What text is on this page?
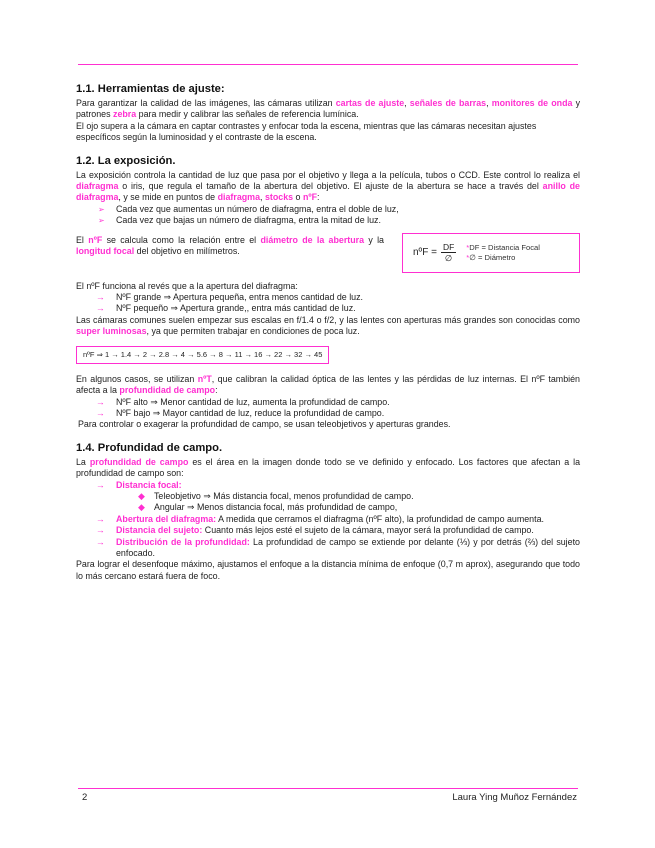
1.1. Herramientas de ajuste:

Para garantizar la calidad de las imágenes, las cámaras utilizan cartas de ajuste, señales de barras, monitores de onda y patrones zebra para medir y calibrar las señales de referencia lumínica.

El ojo supera a la cámara en captar contrastes y enfocar toda la escena, mientras que las cámaras necesitan ajustes específicos según la luminosidad y el contraste de la escena.

1.2. La exposición.

La exposición controla la cantidad de luz que pasa por el objetivo y llega a la película, tubos o CCD. Este control lo realiza el diafragma o iris, que regula el tamaño de la abertura del objetivo. El ajuste de la abertura se hace a través del anillo de diafragma, y se mide en puntos de diafragma, stocks o nºF:

➢ Cada vez que aumentas un número de diafragma, entra el doble de luz,
➢ Cada vez que bajas un número de diafragma, entra la mitad de luz.

El nºF se calcula como la relación entre el diámetro de la abertura y la longitud focal del objetivo en milímetros.	nºF = $\frac{DF}{\emptyset} *DF$ = Distancia Focal
*∅ = Diámetro

El nºF funciona al revés que a la apertura del diafragma:

→ NºF grande ⇒ Apertura pequeña, entra menos cantidad de luz.
→ NºF pequeño ⇒ Apertura grande,, entra más cantidad de luz.

Las cámaras comunes suelen empezar sus escalas en f/1.4 o f/2, y las lentes con aperturas más grandes son conocidas como super luminosas, ya que permiten trabajar en condiciones de poca luz.

nºF ⇒ 1 → 1.4 → 2 → 2.8 → 4 → 5.6 → 8 → 11 → 16 → 22 → 32 → 45

En algunos casos, se utilizan nºT, que calibran la calidad óptica de las lentes y las pérdidas de luz internas. El nºF también afecta a la profundidad de campo:

→ NºF alto ⇒ Menor cantidad de luz, aumenta la profundidad de campo.
→ NºF bajo ⇒ Mayor cantidad de luz, reduce la profundidad de campo.

Para controlar o exagerar la profundidad de campo, se usan teleobjetivos y aperturas grandes.

1.4. Profundidad de campo.

La profundidad de campo es el área en la imagen donde todo se ve definido y enfocado. Los factores que afectan a la profundidad de campo son:

→ Distancia focal:
◆ Teleobjetivo ⇒ Más distancia focal, menos profundidad de campo.
◆ Angular ⇒ Menos distancia focal, más profundidad de campo,
→ Abertura del diafragma: A medida que cerramos el diafragma (nºF alto), la profundidad de campo aumenta.
→ Distancia del sujeto: Cuanto más lejos esté el sujeto de la cámara, mayor será la profundidad de campo.
→ Distribución de la profundidad: La profundidad de campo se extiende por delante (⅓) y por detrás (⅔) del sujeto enfocado.

Para lograr el desenfoque máximo, ajustamos el enfoque a la distancia mínima de enfoque (0,7 m aprox), asegurando que todo lo más cercano estará fuera de foco.

2	Laura Ying Muñoz Fernández
